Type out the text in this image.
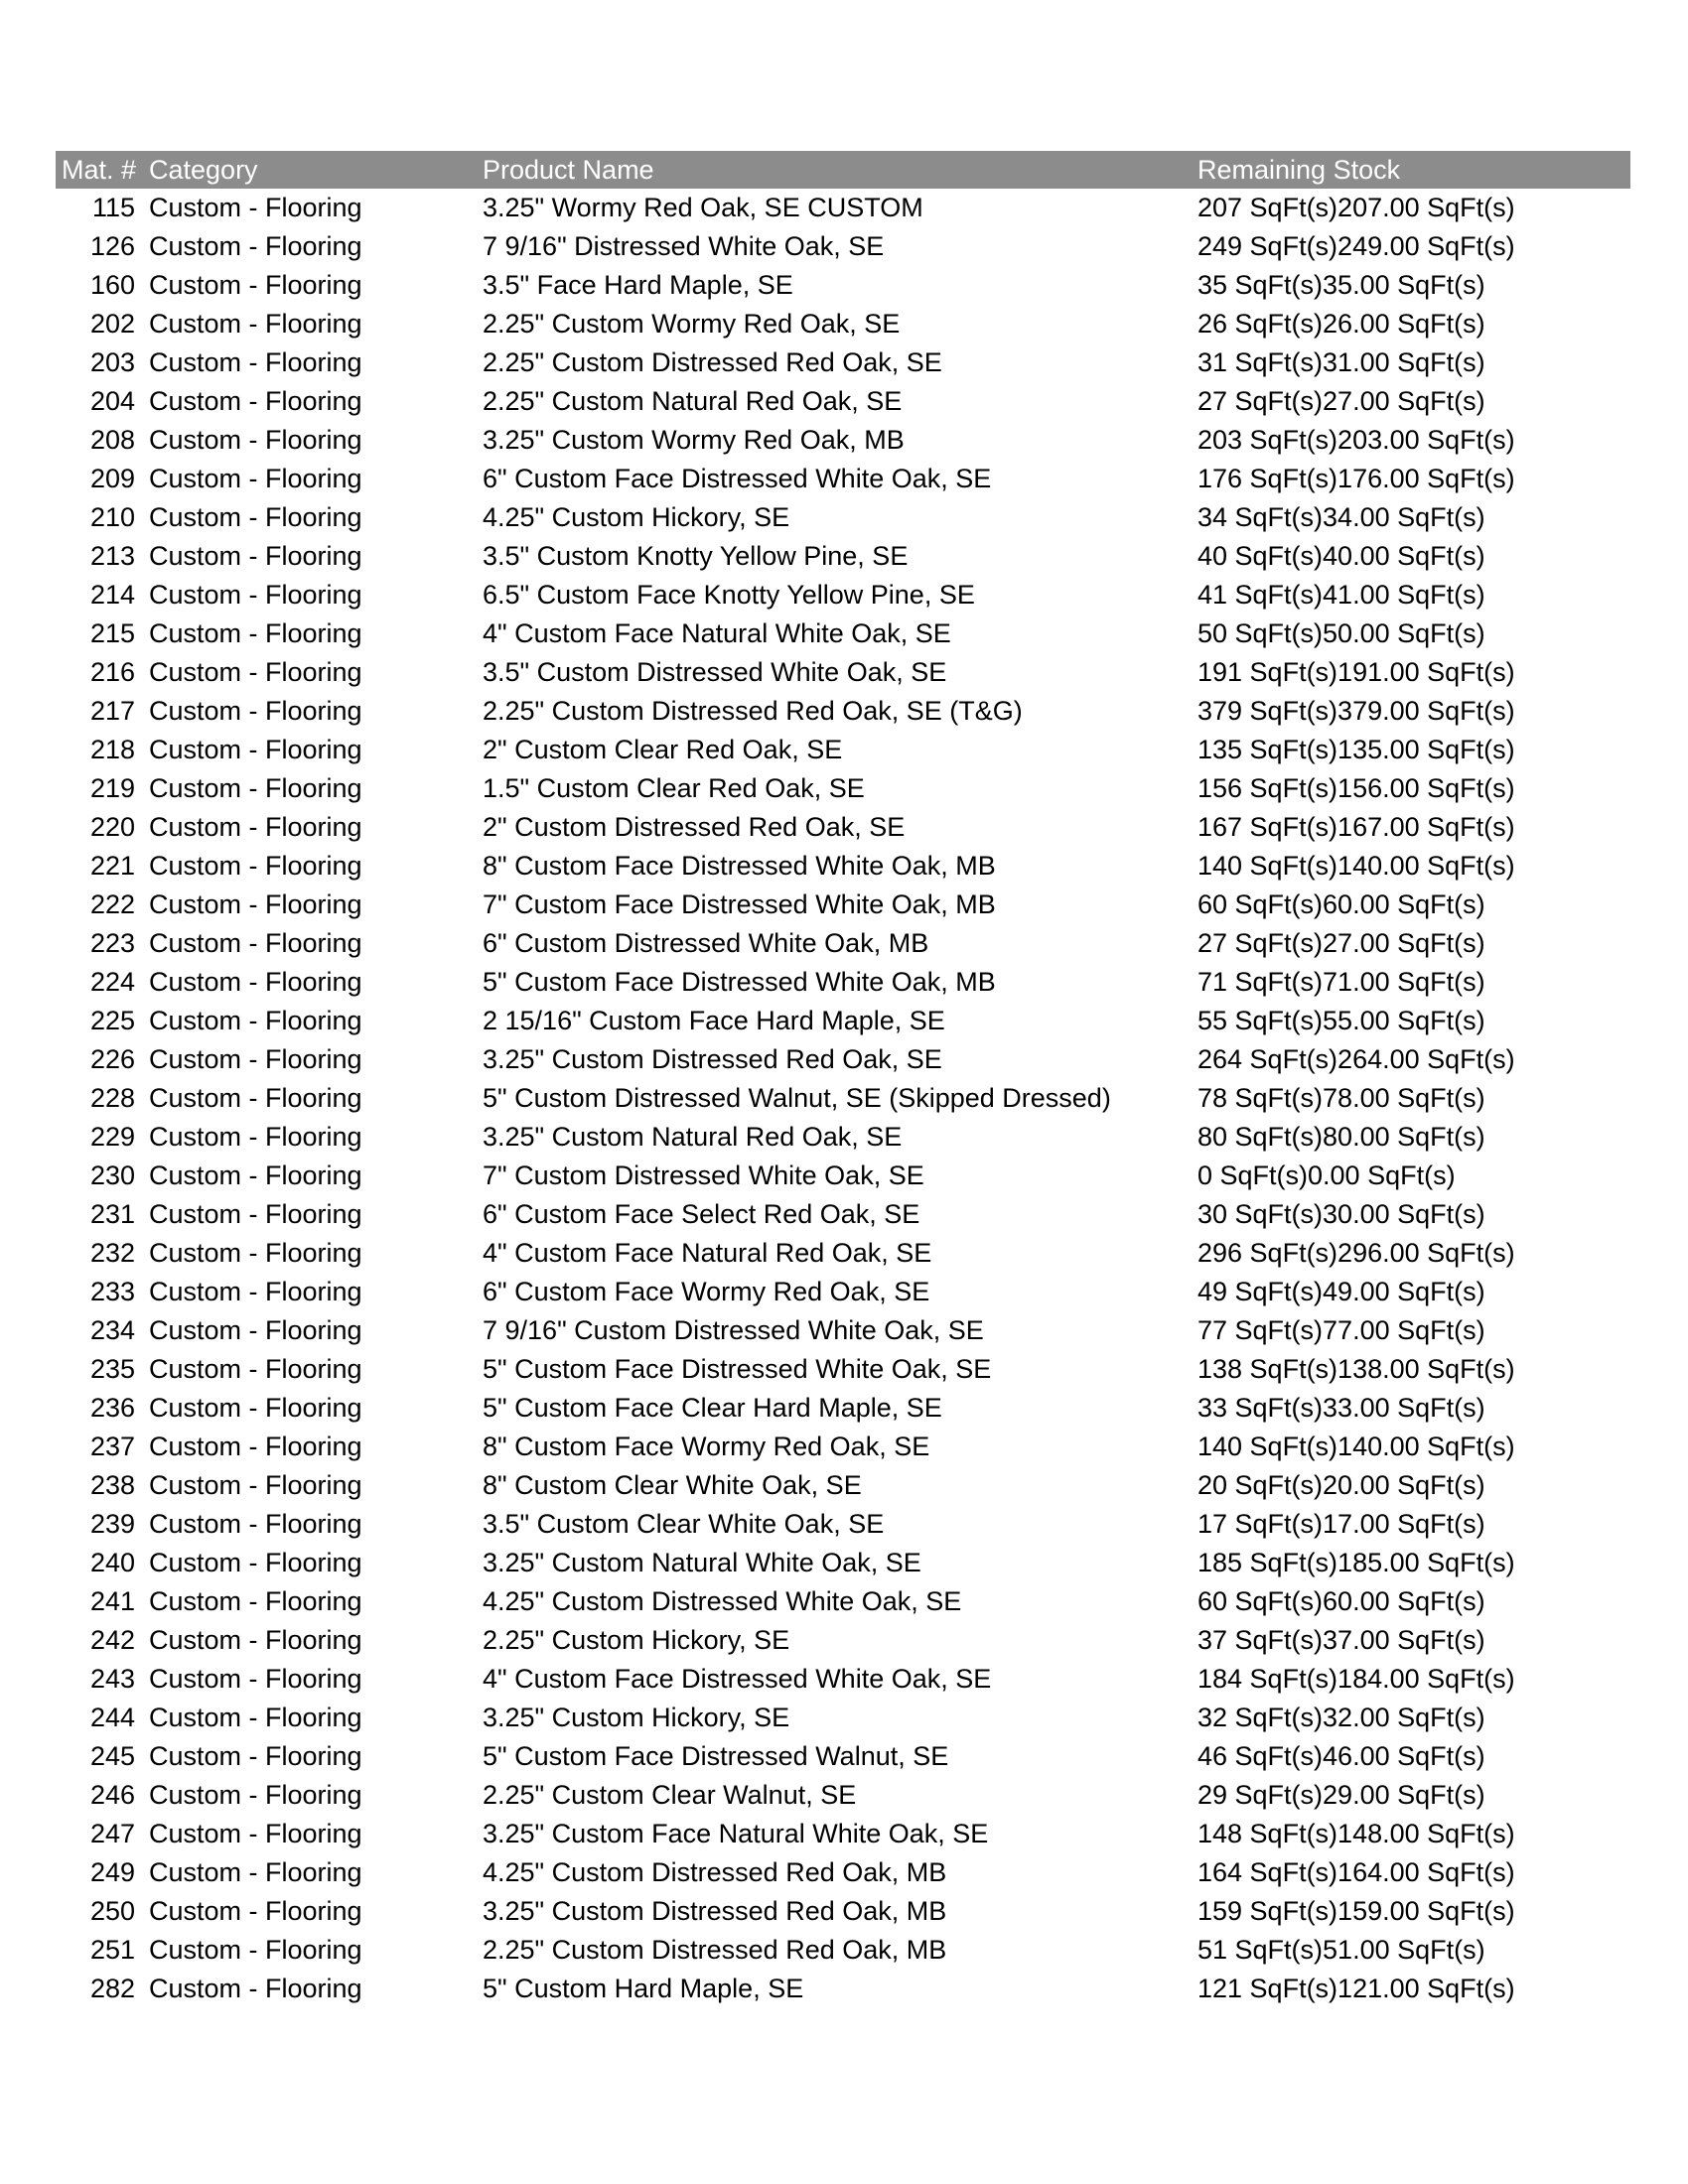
Mat. # Category	Product Name	Remaining Stock
115 Custom - Flooring	3.25" Wormy Red Oak, SE CUSTOM	207 SqFt(s)207.00 SqFt(s)
126 Custom - Flooring	7 9/16" Distressed White Oak, SE	249 SqFt(s)249.00 SqFt(s)
160 Custom - Flooring	3.5" Face Hard Maple, SE	35 SqFt(s)35.00 SqFt(s)
202 Custom - Flooring	2.25" Custom Wormy Red Oak, SE	26 SqFt(s)26.00 SqFt(s)
203 Custom - Flooring	2.25" Custom Distressed Red Oak, SE	31 SqFt(s)31.00 SqFt(s)
204 Custom - Flooring	2.25" Custom Natural Red Oak, SE	27 SqFt(s)27.00 SqFt(s)
208 Custom - Flooring	3.25" Custom Wormy Red Oak, MB	203 SqFt(s)203.00 SqFt(s)
209 Custom - Flooring	6" Custom Face Distressed White Oak, SE	176 SqFt(s)176.00 SqFt(s)
210 Custom - Flooring	4.25" Custom Hickory, SE	34 SqFt(s)34.00 SqFt(s)
213 Custom - Flooring	3.5" Custom Knotty Yellow Pine, SE	40 SqFt(s)40.00 SqFt(s)
214 Custom - Flooring	6.5" Custom Face Knotty Yellow Pine, SE	41 SqFt(s)41.00 SqFt(s)
215 Custom - Flooring	4" Custom Face Natural White Oak, SE	50 SqFt(s)50.00 SqFt(s)
216 Custom - Flooring	3.5" Custom Distressed White Oak, SE	191 SqFt(s)191.00 SqFt(s)
217 Custom - Flooring	2.25" Custom Distressed Red Oak, SE (T&G)	379 SqFt(s)379.00 SqFt(s)
218 Custom - Flooring	2" Custom Clear Red Oak, SE	135 SqFt(s)135.00 SqFt(s)
219 Custom - Flooring	1.5" Custom Clear Red Oak, SE	156 SqFt(s)156.00 SqFt(s)
220 Custom - Flooring	2" Custom Distressed Red Oak, SE	167 SqFt(s)167.00 SqFt(s)
221 Custom - Flooring	8" Custom Face Distressed White Oak, MB	140 SqFt(s)140.00 SqFt(s)
222 Custom - Flooring	7" Custom Face Distressed White Oak, MB	60 SqFt(s)60.00 SqFt(s)
223 Custom - Flooring	6" Custom Distressed White Oak, MB	27 SqFt(s)27.00 SqFt(s)
224 Custom - Flooring	5" Custom Face Distressed White Oak, MB	71 SqFt(s)71.00 SqFt(s)
225 Custom - Flooring	2 15/16" Custom Face Hard Maple, SE	55 SqFt(s)55.00 SqFt(s)
226 Custom - Flooring	3.25" Custom Distressed Red Oak, SE	264 SqFt(s)264.00 SqFt(s)
228 Custom - Flooring	5" Custom Distressed Walnut, SE (Skipped Dressed)	78 SqFt(s)78.00 SqFt(s)
229 Custom - Flooring	3.25" Custom Natural Red Oak, SE	80 SqFt(s)80.00 SqFt(s)
230 Custom - Flooring	7" Custom Distressed White Oak, SE	0 SqFt(s)0.00 SqFt(s)
231 Custom - Flooring	6" Custom Face Select Red Oak, SE	30 SqFt(s)30.00 SqFt(s)
232 Custom - Flooring	4" Custom Face Natural Red Oak, SE	296 SqFt(s)296.00 SqFt(s)
233 Custom - Flooring	6" Custom Face Wormy Red Oak, SE	49 SqFt(s)49.00 SqFt(s)
234 Custom - Flooring	7 9/16" Custom Distressed White Oak, SE	77 SqFt(s)77.00 SqFt(s)
235 Custom - Flooring	5" Custom Face Distressed White Oak, SE	138 SqFt(s)138.00 SqFt(s)
236 Custom - Flooring	5" Custom Face Clear Hard Maple, SE	33 SqFt(s)33.00 SqFt(s)
237 Custom - Flooring	8" Custom Face Wormy Red Oak, SE	140 SqFt(s)140.00 SqFt(s)
238 Custom - Flooring	8" Custom Clear White Oak, SE	20 SqFt(s)20.00 SqFt(s)
239 Custom - Flooring	3.5" Custom Clear White Oak, SE	17 SqFt(s)17.00 SqFt(s)
240 Custom - Flooring	3.25" Custom Natural White Oak, SE	185 SqFt(s)185.00 SqFt(s)
241 Custom - Flooring	4.25" Custom Distressed White Oak, SE	60 SqFt(s)60.00 SqFt(s)
242 Custom - Flooring	2.25" Custom Hickory, SE	37 SqFt(s)37.00 SqFt(s)
243 Custom - Flooring	4" Custom Face Distressed White Oak, SE	184 SqFt(s)184.00 SqFt(s)
244 Custom - Flooring	3.25" Custom Hickory, SE	32 SqFt(s)32.00 SqFt(s)
245 Custom - Flooring	5" Custom Face Distressed Walnut, SE	46 SqFt(s)46.00 SqFt(s)
246 Custom - Flooring	2.25" Custom Clear Walnut, SE	29 SqFt(s)29.00 SqFt(s)
247 Custom - Flooring	3.25" Custom Face Natural White Oak, SE	148 SqFt(s)148.00 SqFt(s)
249 Custom - Flooring	4.25" Custom Distressed Red Oak, MB	164 SqFt(s)164.00 SqFt(s)
250 Custom - Flooring	3.25" Custom Distressed Red Oak, MB	159 SqFt(s)159.00 SqFt(s)
251 Custom - Flooring	2.25" Custom Distressed Red Oak, MB	51 SqFt(s)51.00 SqFt(s)
282 Custom - Flooring	5" Custom Hard Maple, SE	121 SqFt(s)121.00 SqFt(s)
